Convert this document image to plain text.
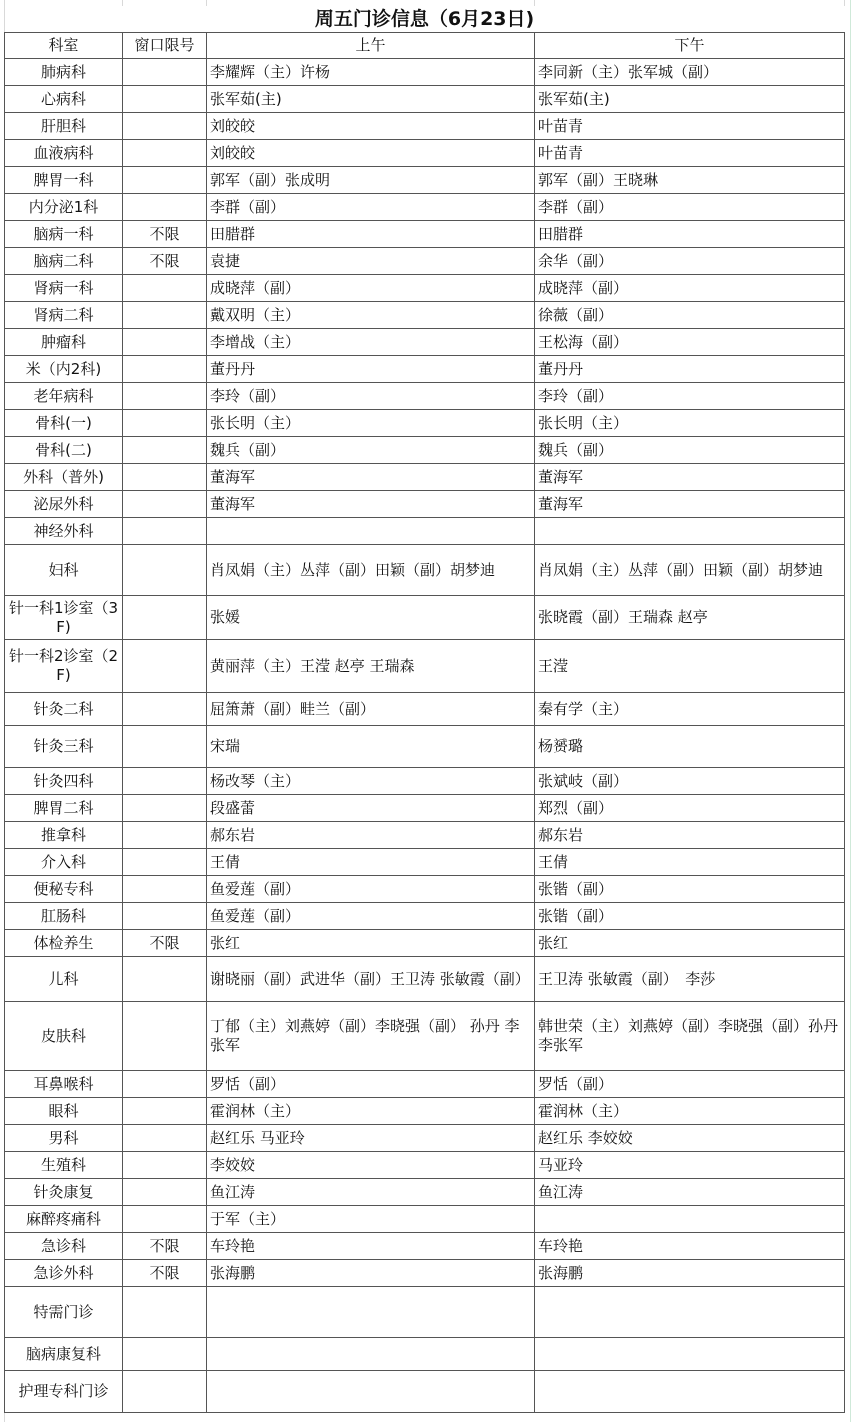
周五门诊信息（6月23日)			
科室	窗口限号	上午	下午
肺病科		李耀辉（主）许杨	李同新（主）张军城（副）
心病科		张军茹(主)	张军茹(主)
肝胆科		刘皎皎	叶苗青
血液病科		刘皎皎	叶苗青
脾胃一科		郭军（副）张成明	郭军（副）王晓琳
内分泌1科		李群（副）	李群（副）
脑病一科	不限	田腊群	田腊群
脑病二科	不限	袁捷	余华（副）
肾病一科		成晓萍（副）	成晓萍（副）
肾病二科		戴双明（主）	徐薇（副）
肿瘤科		李增战（主）	王松海（副）
米（内2科)		董丹丹	董丹丹
老年病科		李玲（副）	李玲（副）
骨科(一)		张长明（主）	张长明（主）
骨科(二)		魏兵（副）	魏兵（副）
外科（普外)		董海军	董海军
泌尿外科		董海军	董海军
神经外科			
妇科		肖凤娟（主）丛萍（副）田颖（副）胡梦迪	肖凤娟（主）丛萍（副）田颖（副）胡梦迪
针一科1诊室（3F)		张媛	张晓霞（副）王瑞森 赵亭
针一科2诊室（2F)		黄丽萍（主）王滢 赵亭 王瑞森	王滢
针灸二科		屈箫萧（副）畦兰（副）	秦有学（主）
针灸三科		宋瑞	杨赟璐
针灸四科		杨改琴（主）	张斌岐（副）
脾胃二科		段盛蕾	郑烈（副）
推拿科		郝东岩	郝东岩
介入科		王倩	王倩
便秘专科		鱼爱莲（副）	张锴（副）
肛肠科		鱼爱莲（副）	张锴（副）
体检养生	不限	张红	张红
儿科		谢晓丽（副）武进华（副）王卫涛 张敏霞（副）	王卫涛 张敏霞（副）　李莎
皮肤科		丁郁（主）刘燕婷（副）李晓强（副） 孙丹 李张军	韩世荣（主）刘燕婷（副）李晓强（副）孙丹 李张军
耳鼻喉科		罗恬（副）	罗恬（副）
眼科		霍润林（主）	霍润林（主）
男科		赵红乐 马亚玲	赵红乐 李姣姣
生殖科		李姣姣	马亚玲
针灸康复		鱼江涛	鱼江涛
麻醉疼痛科		于军（主）	
急诊科	不限	车玲艳	车玲艳
急诊外科	不限	张海鹏	张海鹏
特需门诊			
脑病康复科			
护理专科门诊			
